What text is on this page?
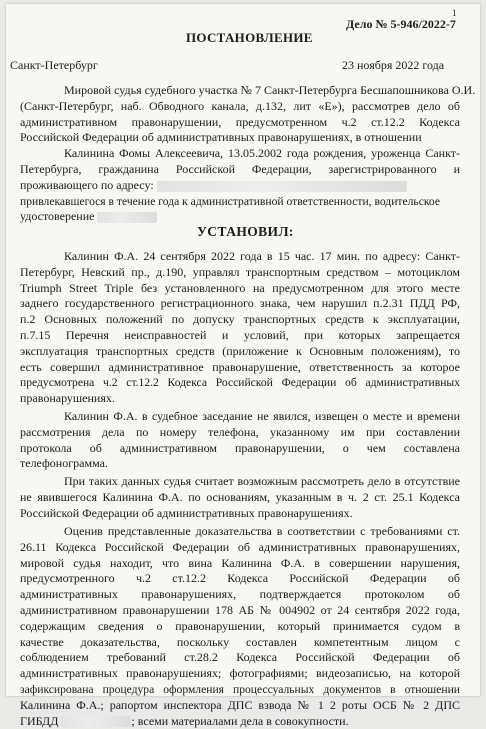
1
Дело № 5-946/2022-7
ПОСТАНОВЛЕНИЕ
Санкт-Петербург	23 ноября 2022 года
Мировой судья судебного участка № 7 Санкт-Петербурга Бесшапошникова О.И.
(Санкт-Петербург, наб. Обводного канала, д.132, лит «Е»), рассмотрев дело об
административном правонарушении, предусмотренном ч.2 ст.12.2 Кодекса
Российской Федерации об административных правонарушениях, в отношении
Калинина Фомы Алексеевича, 13.05.2002 года рождения, уроженца Санкт-
Петербурга, гражданина Российской Федерации, зарегистрированного и
проживающего по адресу:
привлекавшегося в течение года к административной ответственности, водительское
удостоверение
УСТАНОВИЛ:
Калинин Ф.А. 24 сентября 2022 года в 15 час. 17 мин. по адресу: Санкт-
Петербург, Невский пр., д.190, управлял транспортным средством – мотоциклом
Triumph Street Triple без установленного на предусмотренном для этого месте
заднего государственного регистрационного знака, чем нарушил п.2.31 ПДД РФ,
п.2 Основных положений по допуску транспортных средств к эксплуатации,
п.7.15 Перечня неисправностей и условий, при которых запрещается
эксплуатация транспортных средств (приложение к Основным положениям), то
есть совершил административное правонарушение, ответственность за которое
предусмотрена ч.2 ст.12.2 Кодекса Российской Федерации об административных
правонарушениях.
Калинин Ф.А. в судебное заседание не явился, извещен о месте и времени
рассмотрения дела по номеру телефона, указанному им при составлении
протокола об административном правонарушении, о чем составлена
телефонограмма.
При таких данных судья считает возможным рассмотреть дело в отсутствие
не явившегося Калинина Ф.А. по основаниям, указанным в ч. 2 ст. 25.1 Кодекса
Российской Федерации об административных правонарушениях.
Оценив представленные доказательства в соответствии с требованиями ст.
26.11 Кодекса Российской Федерации об административных правонарушениях,
мировой судья находит, что вина Калинина Ф.А. в совершении нарушения,
предусмотренного ч.2 ст.12.2 Кодекса Российской Федерации об
административных правонарушениях, подтверждается протоколом об
административном правонарушении 178 АБ № 004902 от 24 сентября 2022 года,
содержащим сведения о правонарушении, который принимается судом в
качестве доказательства, поскольку составлен компетентным лицом с
соблюдением требований ст.28.2 Кодекса Российской Федерации об
административных правонарушениях; фотографиями; видеозаписью, на которой
зафиксирована процедура оформления процессуальных документов в отношении
Калинина Ф.А.; рапортом инспектора ДПС взвода № 1 2 роты ОСБ № 2 ДПС
ГИБДД	; всеми материалами дела в совокупности.
